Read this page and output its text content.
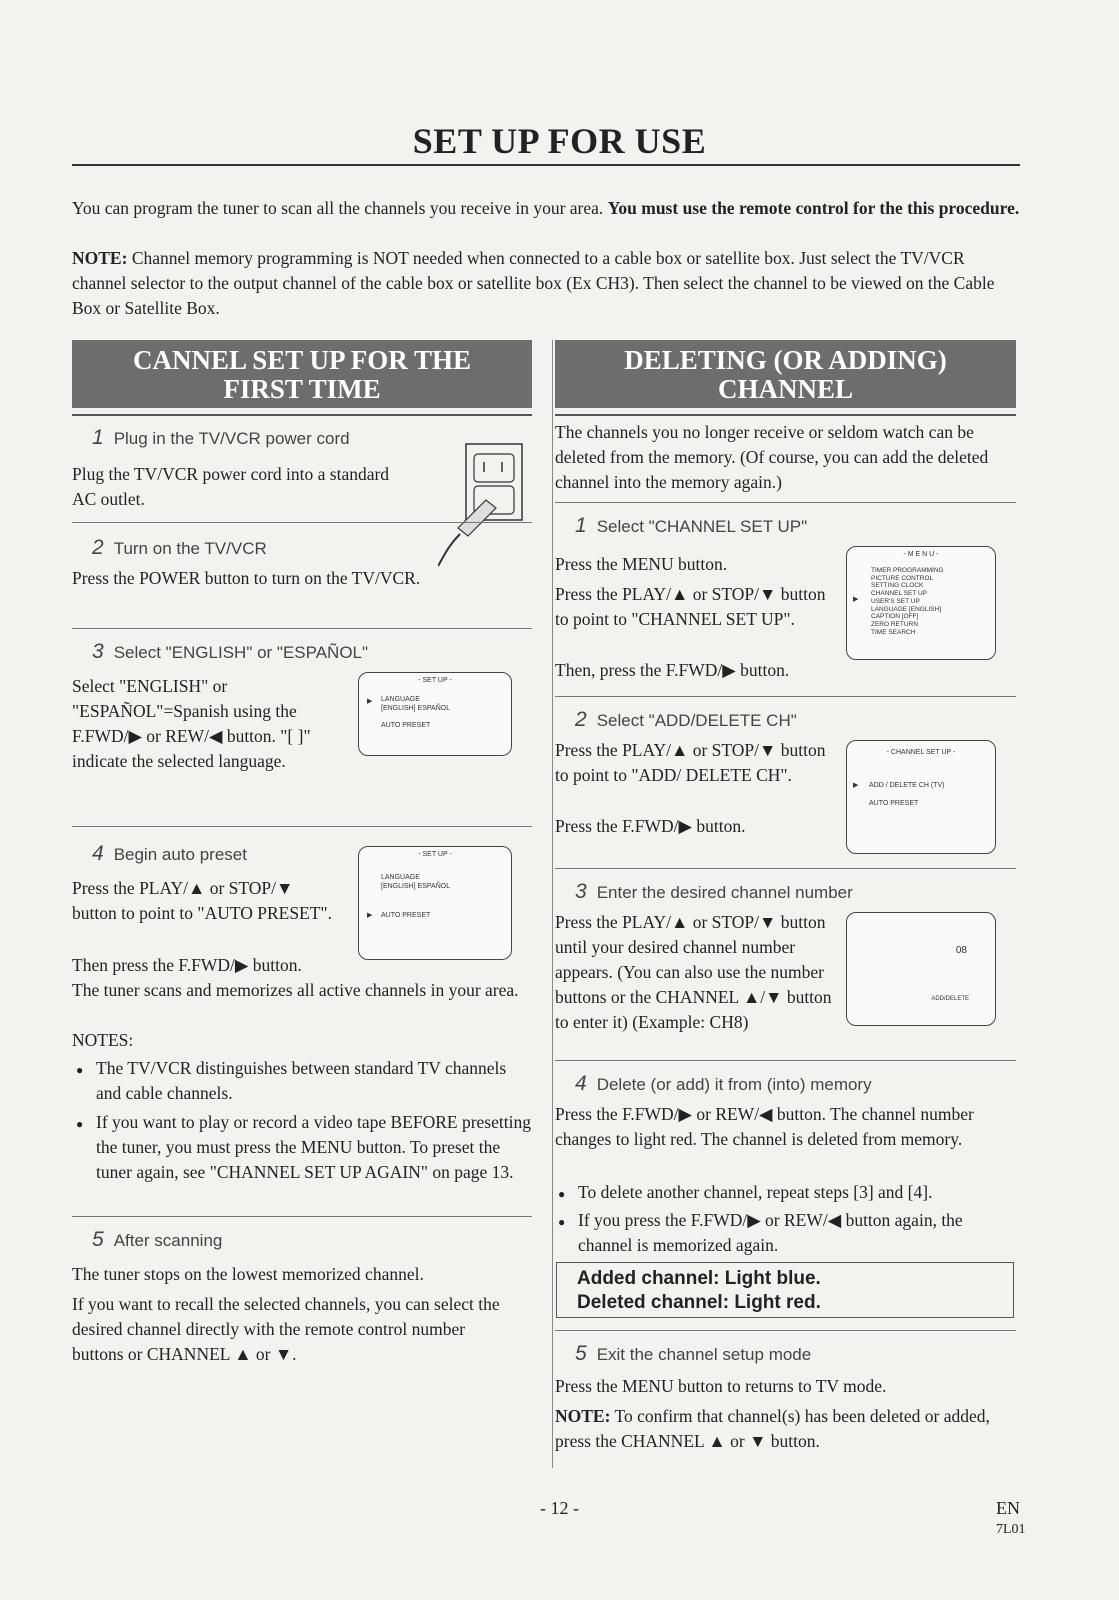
SET UP FOR USE
You can program the tuner to scan all the channels you receive in your area. You must use the remote control for the this procedure.
NOTE: Channel memory programming is NOT needed when connected to a cable box or satellite box. Just select the TV/VCR channel selector to the output channel of the cable box or satellite box (Ex CH3). Then select the channel to be viewed on the Cable Box or Satellite Box.
CANNEL SET UP FOR THE
FIRST TIME
1 Plug in the TV/VCR power cord
Plug the TV/VCR power cord into a standard AC outlet.
2 Turn on the TV/VCR
Press the POWER button to turn on the TV/VCR.
3 Select "ENGLISH" or "ESPAÑOL"
Select "ENGLISH" or "ESPAÑOL"=Spanish using the F.FWD/▶ or REW/◀ button. "[ ]" indicate the selected language.
- SET UP -
▶ LANGUAGE
[ENGLISH] ESPAÑOL
AUTO PRESET
4 Begin auto preset
Press the PLAY/▲ or STOP/▼ button to point to "AUTO PRESET".
- SET UP -
LANGUAGE
[ENGLISH] ESPAÑOL
▶ AUTO PRESET
Then press the F.FWD/▶ button.
The tuner scans and memorizes all active channels in your area.
NOTES:
The TV/VCR distinguishes between standard TV channels and cable channels.
If you want to play or record a video tape BEFORE presetting the tuner, you must press the MENU button. To preset the tuner again, see "CHANNEL SET UP AGAIN" on page 13.
5 After scanning
The tuner stops on the lowest memorized channel.
If you want to recall the selected channels, you can select the desired channel directly with the remote control number buttons or CHANNEL ▲ or ▼.
DELETING (OR ADDING)
CHANNEL
The channels you no longer receive or seldom watch can be deleted from the memory. (Of course, you can add the deleted channel into the memory again.)
1 Select "CHANNEL SET UP"
Press the MENU button.
Press the PLAY/▲ or STOP/▼ button to point to "CHANNEL SET UP".
Then, press the F.FWD/▶ button.
- M E N U -
▶
TIMER PROGRAMMING
PICTURE CONTROL
SETTING CLOCK
CHANNEL SET UP
USER'S SET UP
LANGUAGE [ENGLISH]
CAPTION [OFF]
ZERO RETURN
TIME SEARCH
2 Select "ADD/DELETE CH"
Press the PLAY/▲ or STOP/▼ button to point to "ADD/ DELETE CH".
Press the F.FWD/▶ button.
- CHANNEL SET UP -
▶ ADD / DELETE CH (TV)
AUTO PRESET
3 Enter the desired channel number
Press the PLAY/▲ or STOP/▼ button until your desired channel number appears. (You can also use the number buttons or the CHANNEL ▲/▼ button to enter it) (Example: CH8)
08
ADD/DELETE
4 Delete (or add) it from (into) memory
Press the F.FWD/▶ or REW/◀ button. The channel number changes to light red. The channel is deleted from memory.
To delete another channel, repeat steps [3] and [4].
If you press the F.FWD/▶ or REW/◀ button again, the channel is memorized again.
Added channel: Light blue.
Deleted channel: Light red.
5 Exit the channel setup mode
Press the MENU button to returns to TV mode.
NOTE: To confirm that channel(s) has been deleted or added, press the CHANNEL ▲ or ▼ button.
- 12 -	EN
7L01
